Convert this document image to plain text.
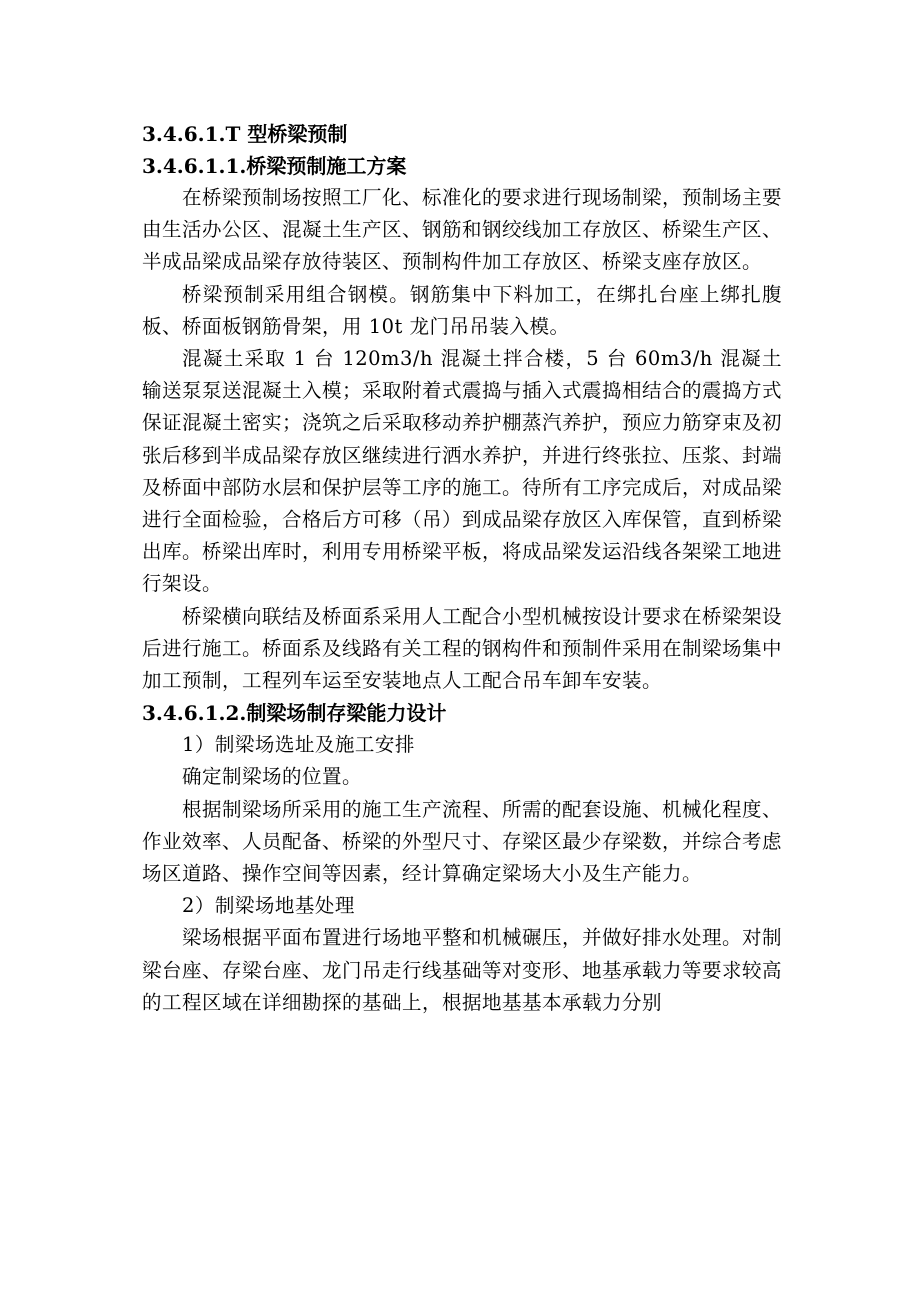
3.4.6.1.T 型桥梁预制
3.4.6.1.1.桥梁预制施工方案

在桥梁预制场按照工厂化、标准化的要求进行现场制梁，预制场主要由生活办公区、混凝土生产区、钢筋和钢绞线加工存放区、桥梁生产区、半成品梁成品梁存放待装区、预制构件加工存放区、桥梁支座存放区。

桥梁预制采用组合钢模。钢筋集中下料加工，在绑扎台座上绑扎腹板、桥面板钢筋骨架，用 10t 龙门吊吊装入模。

混凝土采取 1 台 120m3/h 混凝土拌合楼，5 台 60m3/h 混凝土输送泵泵送混凝土入模；采取附着式震捣与插入式震捣相结合的震捣方式保证混凝土密实；浇筑之后采取移动养护棚蒸汽养护，预应力筋穿束及初张后移到半成品梁存放区继续进行洒水养护，并进行终张拉、压浆、封端及桥面中部防水层和保护层等工序的施工。待所有工序完成后，对成品梁进行全面检验，合格后方可移（吊）到成品梁存放区入库保管，直到桥梁出库。桥梁出库时，利用专用桥梁平板，将成品梁发运沿线各架梁工地进行架设。

桥梁横向联结及桥面系采用人工配合小型机械按设计要求在桥梁架设后进行施工。桥面系及线路有关工程的钢构件和预制件采用在制梁场集中加工预制，工程列车运至安装地点人工配合吊车卸车安装。

3.4.6.1.2.制梁场制存梁能力设计
1）制梁场选址及施工安排
确定制梁场的位置。

根据制梁场所采用的施工生产流程、所需的配套设施、机械化程度、作业效率、人员配备、桥梁的外型尺寸、存梁区最少存梁数，并综合考虑场区道路、操作空间等因素，经计算确定梁场大小及生产能力。

2）制梁场地基处理

梁场根据平面布置进行场地平整和机械碾压，并做好排水处理。对制梁台座、存梁台座、龙门吊走行线基础等对变形、地基承载力等要求较高的工程区域在详细勘探的基础上，根据地基基本承载力分别
